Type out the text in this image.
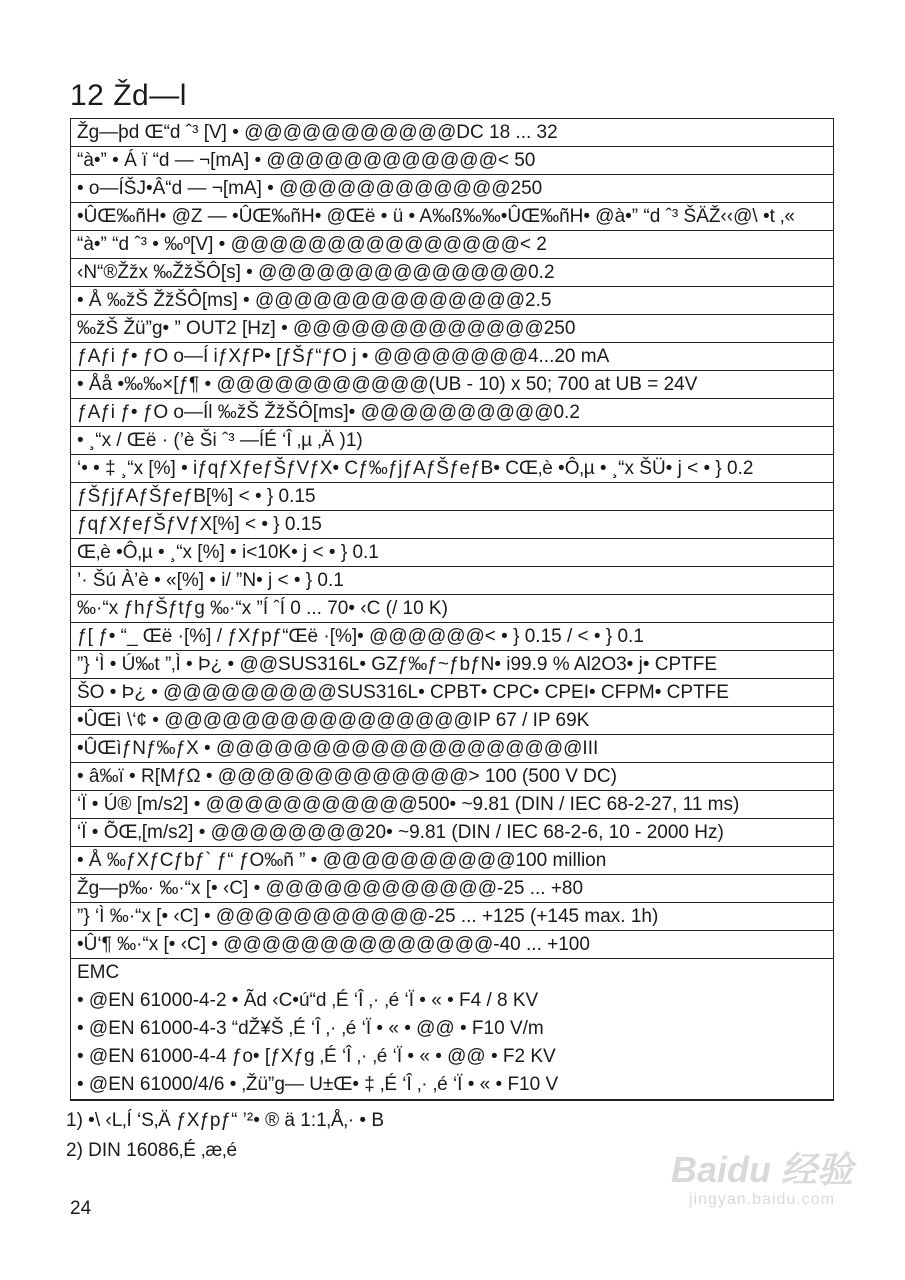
12 Žd—l
Žg—þd Œ“d ˆ³ [V] • @@@@@@@@@@@DC 18 ... 32
“à•” • Á ï “d — ¬[mA] • @@@@@@@@@@@@< 50
• o—ÍŠJ•Â“d — ¬[mA] • @@@@@@@@@@@@250
•ÛŒ‰ñH• @Z — •ÛŒ‰ñH• @Œë • ü • A‰ß‰‰•ÛŒ‰ñH• @à•” “d ˆ³ ŠÄŽ‹‹@\ •t ‚«
“à•” “d ˆ³ • ‰º[V] • @@@@@@@@@@@@@@@< 2
‹N“®Žžx ‰ŽžŠÔ[s] • @@@@@@@@@@@@@@0.2
• Å ‰žŠ ŽžŠÔ[ms] • @@@@@@@@@@@@@@2.5
‰žŠ Žü”g• ” OUT2 [Hz] • @@@@@@@@@@@@@250
ƒAƒi ƒ• ƒO o—Í iƒXƒP• [ƒŠƒ“ƒO j • @@@@@@@@4...20 mA
• Åå •‰‰×[ƒ¶ • @@@@@@@@@@@(UB - 10) x 50; 700 at UB = 24V
ƒAƒi ƒ• ƒO o—Íl ‰žŠ ŽžŠÔ[ms]• @@@@@@@@@@0.2
• ¸“x / Œë · (’è Ši ˆ³ —ÍÉ ‘Î ‚µ ‚Ä )1)
‘• • ‡ ¸“x [%] • iƒqƒXƒeƒŠƒVƒX• Cƒ‰ƒjƒAƒŠƒeƒB• CŒ‚è •Ô‚µ • ¸“x ŠÜ• j < • } 0.2
ƒŠƒjƒAƒŠƒeƒB[%] < • } 0.15
ƒqƒXƒeƒŠƒVƒX[%] < • } 0.15
Œ‚è •Ô‚µ • ¸“x [%] • i<10K• j < • } 0.1
’· Šú À’è • «[%] • i/ ”N• j < • } 0.1
‰·“x ƒhƒŠƒtƒg ‰·“x ”Í ˆÍ 0 ... 70• ‹C (/ 10 K)
ƒ[ ƒ• “_ Œë ·[%] / ƒXƒpƒ“Œë ·[%]• @@@@@@< • } 0.15 / < • } 0.1
”} ‘Ì • Ú‰t ”‚Ì • Þ¿ • @@SUS316L• GZƒ‰ƒ~ƒbƒN• i99.9 % Al2O3• j• CPTFE
ŠO • Þ¿ • @@@@@@@@@SUS316L• CPBT• CPC• CPEI• CFPM• CPTFE
•ÛŒì \‘¢ • @@@@@@@@@@@@@@@@IP 67 / IP 69K
•ÛŒìƒNƒ‰ƒX • @@@@@@@@@@@@@@@@@@@III
• â‰ï • R[MƒΩ • @@@@@@@@@@@@@> 100 (500 V DC)
‘Ï • Ú® [m/s2] • @@@@@@@@@@@500• ~9.81 (DIN / IEC 68-2-27, 11 ms)
‘Ï • ÕŒ‚[m/s2] • @@@@@@@@20• ~9.81 (DIN / IEC 68-2-6, 10 - 2000 Hz)
• Å ‰ƒXƒCƒbƒ` ƒ“ ƒO‰ñ ” • @@@@@@@@@@100 million
Žg—p‰· ‰·“x [• ‹C] • @@@@@@@@@@@@-25 ... +80
”} ‘Ì ‰·“x [• ‹C] • @@@@@@@@@@@-25 ... +125 (+145 max. 1h)
•Û‘¶ ‰·“x [• ‹C] • @@@@@@@@@@@@@@-40 ... +100
EMC
• @EN 61000-4-2 • Ãd ‹C•ú“d ‚É ‘Î ‚· ‚é ‘Ï • « • F4 / 8 KV
• @EN 61000-4-3 “dŽ¥Š ‚É ‘Î ‚· ‚é ‘Ï • « • @@ • F10 V/m
• @EN 61000-4-4 ƒo• [ƒXƒg ‚É ‘Î ‚· ‚é ‘Ï • « • @@ • F2 KV
• @EN 61000/4/6 • ‚Žü”g— U±Œ• ‡ ‚É ‘Î ‚· ‚é ‘Ï • « • F10 V
1) •\ ‹L‚Í ‘S‚Ä ƒXƒpƒ“ ’²• ® ä 1:1‚Å‚· • B
2) DIN 16086‚É ‚æ‚é
24
Baidu 经验
jingyan.baidu.com
